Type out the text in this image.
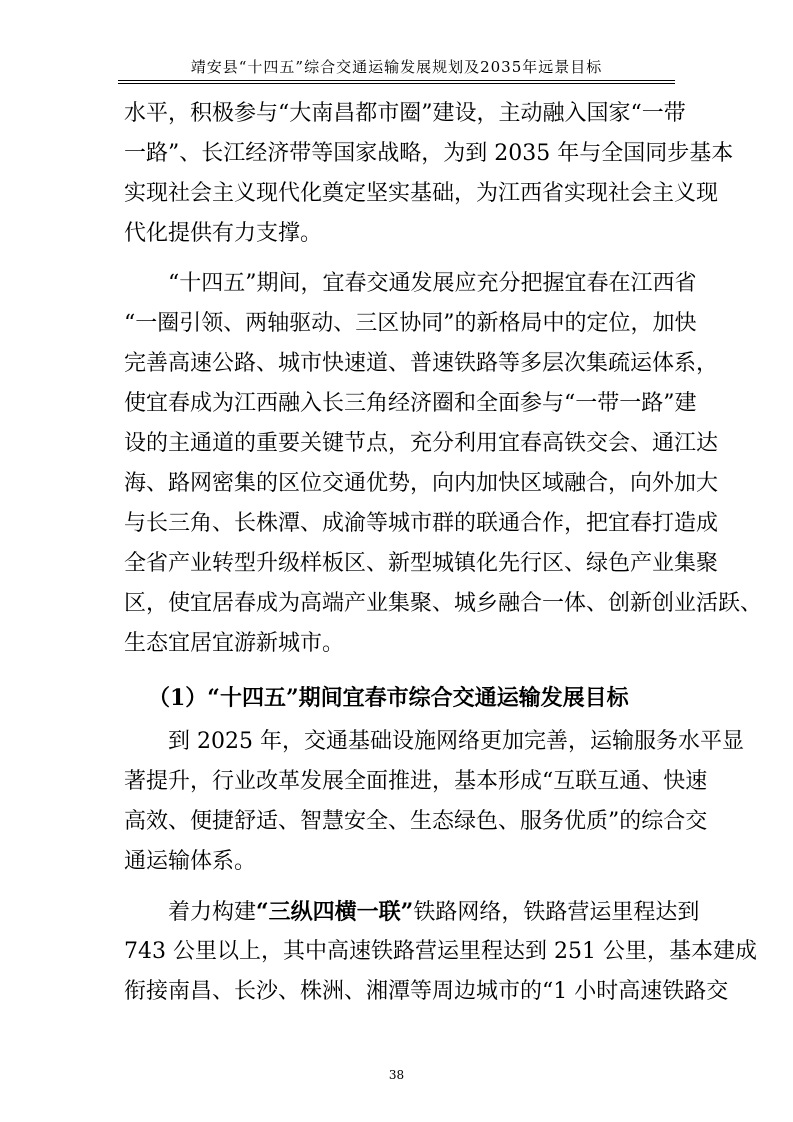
靖安县“十四五”综合交通运输发展规划及2035年远景目标
水平，积极参与“大南昌都市圈”建设，主动融入国家“一带
一路”、长江经济带等国家战略，为到 2035 年与全国同步基本
实现社会主义现代化奠定坚实基础，为江西省实现社会主义现
代化提供有力支撑。
　　“十四五”期间，宜春交通发展应充分把握宜春在江西省
“一圈引领、两轴驱动、三区协同”的新格局中的定位，加快
完善高速公路、城市快速道、普速铁路等多层次集疏运体系，
使宜春成为江西融入长三角经济圈和全面参与“一带一路”建
设的主通道的重要关键节点，充分利用宜春高铁交会、通江达
海、路网密集的区位交通优势，向内加快区域融合，向外加大
与长三角、长株潭、成渝等城市群的联通合作，把宜春打造成
全省产业转型升级样板区、新型城镇化先行区、绿色产业集聚
区，使宜居春成为高端产业集聚、城乡融合一体、创新创业活跃、
生态宜居宜游新城市。
（1）“十四五”期间宜春市综合交通运输发展目标
　　到 2025 年，交通基础设施网络更加完善，运输服务水平显
著提升，行业改革发展全面推进，基本形成“互联互通、快速
高效、便捷舒适、智慧安全、生态绿色、服务优质”的综合交
通运输体系。
　　着力构建“三纵四横一联”铁路网络，铁路营运里程达到
743 公里以上，其中高速铁路营运里程达到 251 公里，基本建成
衔接南昌、长沙、株洲、湘潭等周边城市的“1 小时高速铁路交
38
